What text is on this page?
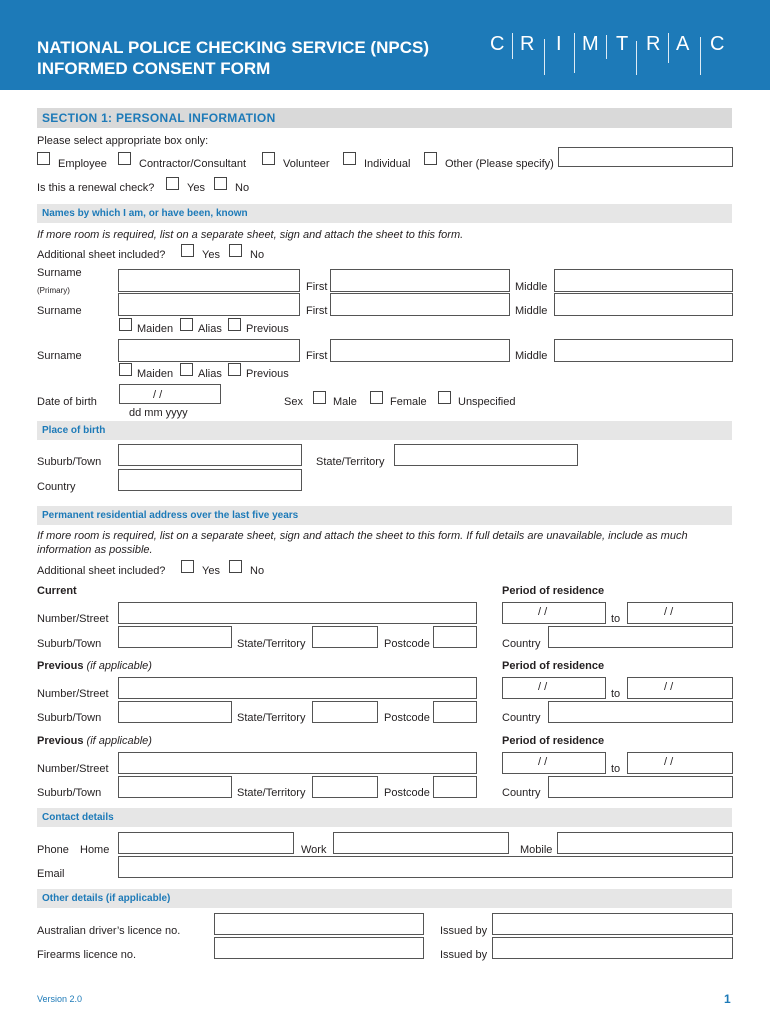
NATIONAL POLICE CHECKING SERVICE (NPCS)
INFORMED CONSENT FORM
C R I M T R A C
SECTION 1: PERSONAL INFORMATION
Please select appropriate box only:
Employee	Contractor/Consultant	Volunteer	Individual	Other (Please specify)
Is this a renewal check?	Yes	No
Names by which I am, or have been, known
If more room is required, list on a separate sheet, sign and attach the sheet to this form.
Additional sheet included?	Yes	No
Surname
(Primary)	First	Middle
Surname	First	Middle
Maiden Alias Previous
Surname	First	Middle
Maiden Alias Previous
Date of birth
/ /
dd mm yyyy
Sex	Male	Female	Unspecified
Place of birth
Suburb/Town	State/Territory
Country
Permanent residential address over the last five years
If more room is required, list on a separate sheet, sign and attach the sheet to this form. If full details are unavailable, include as much
information as possible.
Additional sheet included?	Yes	No
Current	Period of residence
Number/Street
/ /
to
/ /
Suburb/Town	State/Territory	Postcode	Country
Previous (if applicable)	Period of residence
Number/Street
/ /
to
/ /
Suburb/Town	State/Territory	Postcode	Country
Previous (if applicable)	Period of residence
Number/Street
/ /
to
/ /
Suburb/Town	State/Territory	Postcode	Country
Contact details
Phone Home	Work	Mobile
Email
Other details (if applicable)
Australian driver’s licence no.	Issued by
Firearms licence no.	Issued by
Version 2.0	1
